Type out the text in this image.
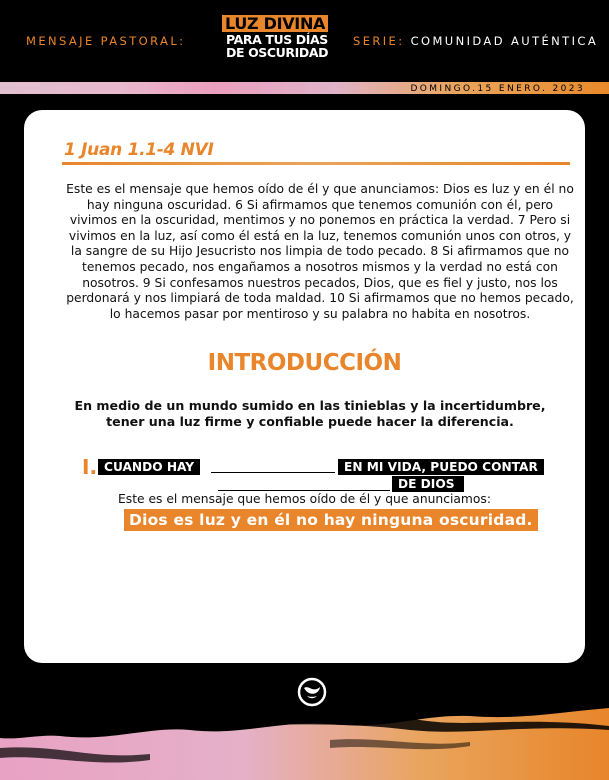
MENSAJE PASTORAL:
LUZ DIVINA
PARA TUS DÍAS
DE OSCURIDAD
SERIE: COMUNIDAD AUTÉNTICA
DOMINGO.15 ENERO. 2023
1 Juan 1.1-4 NVI
Este es el mensaje que hemos oído de él y que anunciamos: Dios es luz y en él no hay ninguna oscuridad. 6 Si afirmamos que tenemos comunión con él, pero vivimos en la oscuridad, mentimos y no ponemos en práctica la verdad. 7 Pero si vivimos en la luz, así como él está en la luz, tenemos comunión unos con otros, y la sangre de su Hijo Jesucristo nos limpia de todo pecado. 8 Si afirmamos que no tenemos pecado, nos engañamos a nosotros mismos y la verdad no está con nosotros. 9 Si confesamos nuestros pecados, Dios, que es fiel y justo, nos los perdonará y nos limpiará de toda maldad. 10 Si afirmamos que no hemos pecado, lo hacemos pasar por mentiroso y su palabra no habita en nosotros.
INTRODUCCIÓN
En medio de un mundo sumido en las tinieblas y la incertidumbre, tener una luz firme y confiable puede hacer la diferencia.
I. CUANDO HAY	EN MI VIDA, PUEDO CONTAR
DE DIOS
Este es el mensaje que hemos oído de él y que anunciamos:
Dios es luz y en él no hay ninguna oscuridad.
